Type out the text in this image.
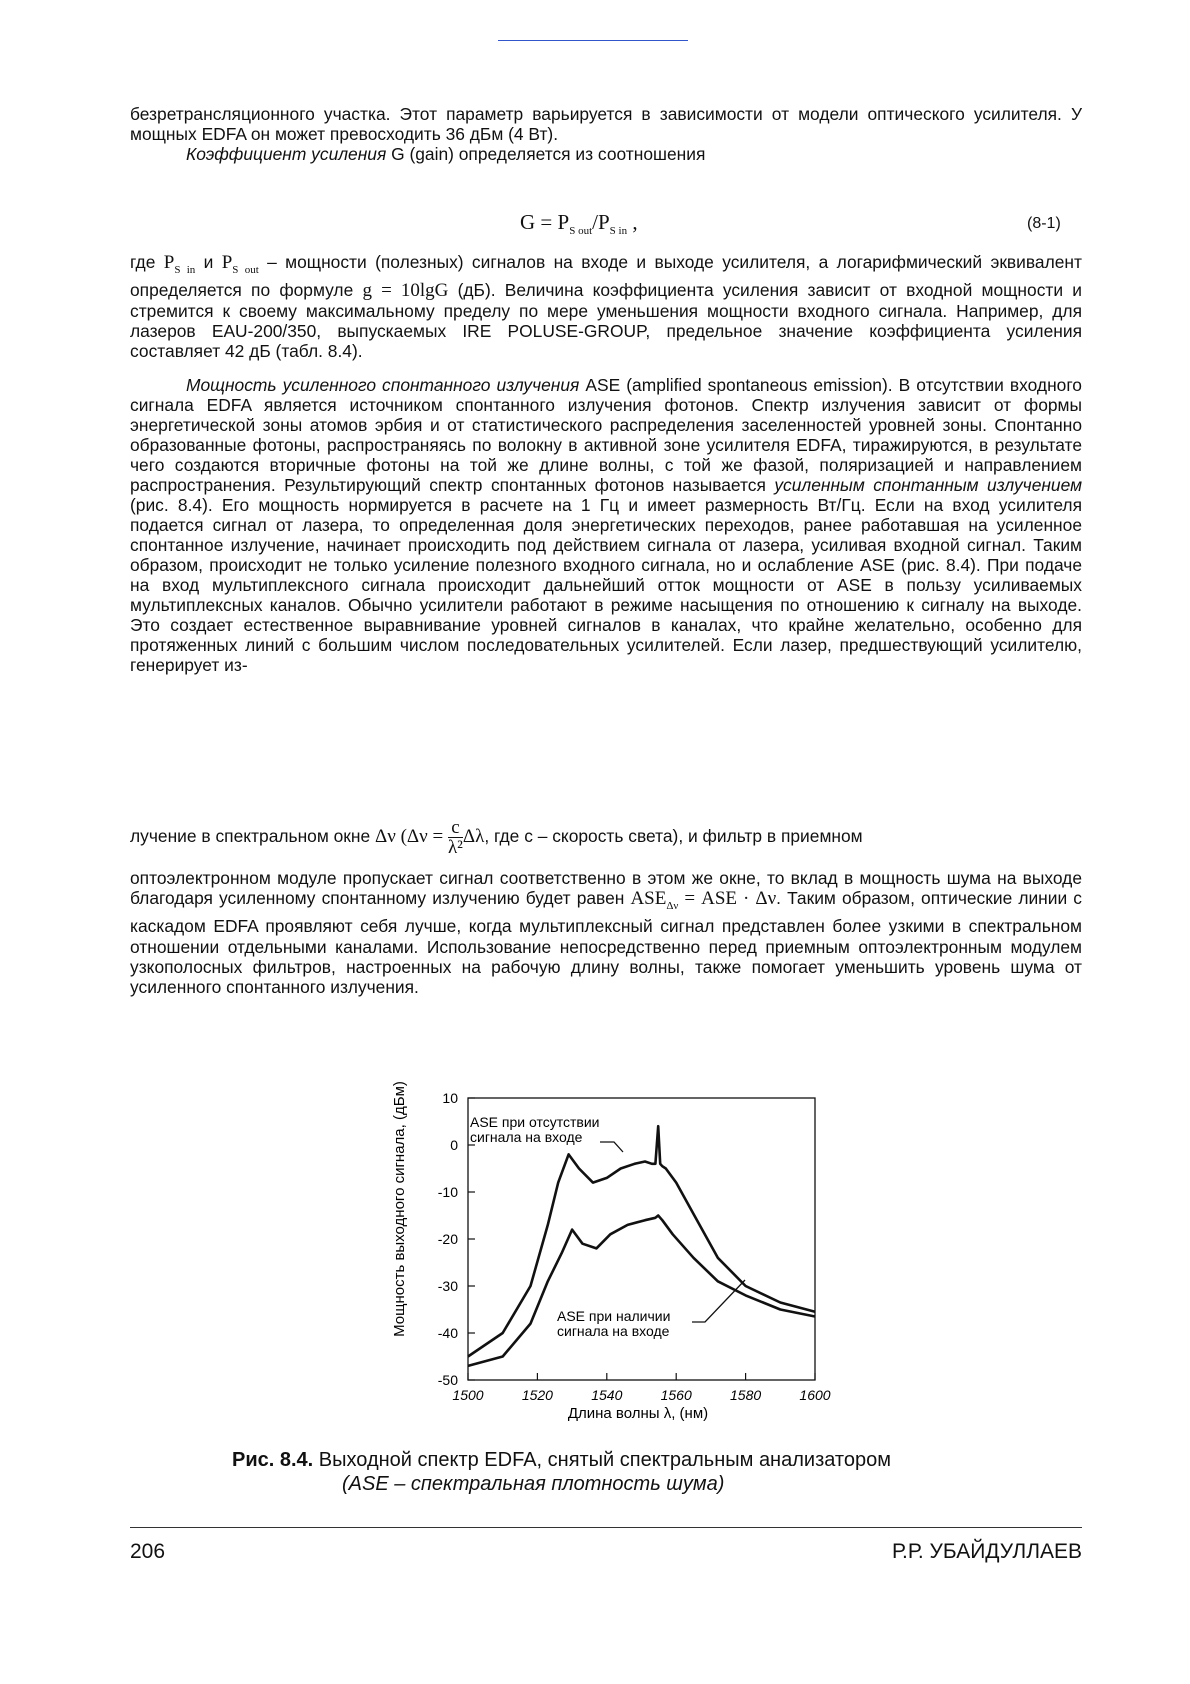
безретрансляционного участка. Этот параметр варьируется в зависимости от модели оптического усилителя. У мощных EDFA он может превосходить 36 дБм (4 Вт).

Коэффициент усиления G (gain) определяется из соотношения

$G = P_{S out}/P_{S in}$ ,	(8-1)

где $P_{S in}$ и $P_{S out}$ – мощности (полезных) сигналов на входе и выходе усилителя, а логарифмический эквивалент определяется по формуле g = 10lgG (дБ). Величина коэффициента усиления зависит от входной мощности и стремится к своему максимальному пределу по мере уменьшения мощности входного сигнала. Например, для лазеров EAU-200/350, выпускаемых IRE POLUSE-GROUP, предельное значение коэффициента усиления составляет 42 дБ (табл. 8.4).

Мощность усиленного спонтанного излучения ASE (amplified spontaneous emission). В отсутствии входного сигнала EDFA является источником спонтанного излучения фотонов. Спектр излучения зависит от формы энергетической зоны атомов эрбия и от статистического распределения заселенностей уровней зоны. Спонтанно образованные фотоны, распространяясь по волокну в активной зоне усилителя EDFA, тиражируются, в результате чего создаются вторичные фотоны на той же длине волны, с той же фазой, поляризацией и направлением распространения. Результирующий спектр спонтанных фотонов называется усиленным спонтанным излучением (рис. 8.4). Его мощность нормируется в расчете на 1 Гц и имеет размерность Вт/Гц. Если на вход усилителя подается сигнал от лазера, то определенная доля энергетических переходов, ранее работавшая на усиленное спонтанное излучение, начинает происходить под действием сигнала от лазера, усиливая входной сигнал. Таким образом, происходит не только усиление полезного входного сигнала, но и ослабление ASE (рис. 8.4). При подаче на вход мультиплексного сигнала происходит дальнейший отток мощности от ASE в пользу усиливаемых мультиплексных каналов. Обычно усилители работают в режиме насыщения по отношению к сигналу на выходе. Это создает естественное выравнивание уровней сигналов в каналах, что крайне желательно, особенно для протяженных линий с большим числом последовательных усилителей. Если лазер, предшествующий усилителю, генерирует из-

лучение в спектральном окне Δν ($\Delta\nu = \frac{c}{\text{λ²}} \Delta\lambda$, где c – скорость света), и фильтр в приемном

оптоэлектронном модуле пропускает сигнал соответственно в этом же окне, то вклад в мощность шума на выходе благодаря усиленному спонтанному излучению будет равен $ASE_{\Delta\nu}$ = ASE · Δν. Таким образом, оптические линии с каскадом EDFA проявляют себя лучше, когда мультиплексный сигнал представлен более узкими в спектральном отношении отдельными каналами. Использование непосредственно перед приемным оптоэлектронным модулем узкополосных фильтров, настроенных на рабочую длину волны, также помогает уменьшить уровень шума от усиленного спонтанного излучения.

10
0
-10
-20
-30
-40
-50
1500	1520	1540	1560	1580	1600
Мощность выходного сигнала, (дБм)
Длина волны λ, (нм)
ASE при отсутствии
сигнала на входе
ASE при наличии
сигнала на входе
Рис. 8.4. Выходной спектр EDFA, снятый спектральным анализатором
(ASE – спектральная плотность шума)
206	Р.Р. УБАЙДУЛЛАЕВ
